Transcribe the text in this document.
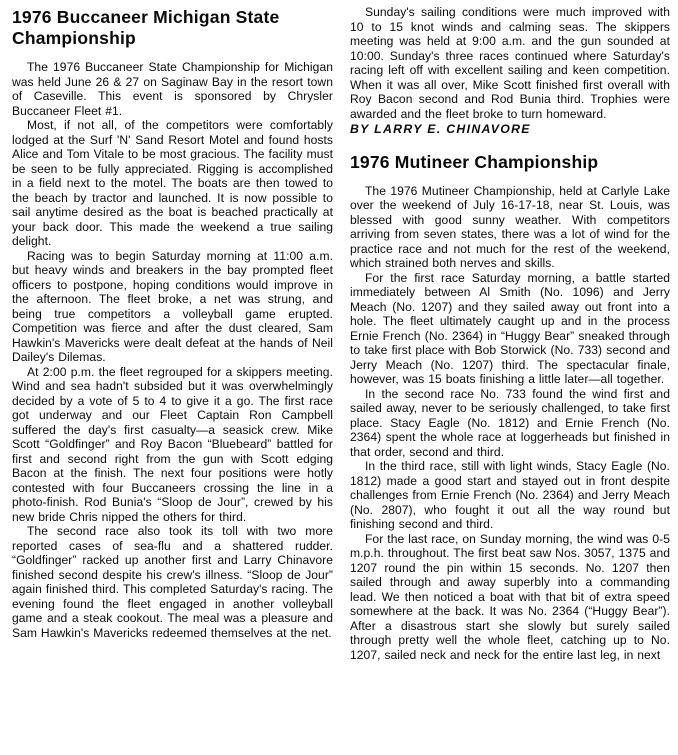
1976 Buccaneer Michigan State Championship

The 1976 Buccaneer State Championship for Michigan was held June 26 & 27 on Saginaw Bay in the resort town of Caseville. This event is sponsored by Chrysler Buccaneer Fleet #1.

Most, if not all, of the competitors were comfortably lodged at the Surf 'N' Sand Resort Motel and found hosts Alice and Tom Vitale to be most gracious. The facility must be seen to be fully appreciated. Rigging is accomplished in a field next to the motel. The boats are then towed to the beach by tractor and launched. It is now possible to sail anytime desired as the boat is beached practically at your back door. This made the weekend a true sailing delight.

Racing was to begin Saturday morning at 11:00 a.m. but heavy winds and breakers in the bay prompted fleet officers to postpone, hoping conditions would improve in the afternoon. The fleet broke, a net was strung, and being true competitors a volleyball game erupted. Competition was fierce and after the dust cleared, Sam Hawkin's Mavericks were dealt defeat at the hands of Neil Dailey's Dilemas.

At 2:00 p.m. the fleet regrouped for a skippers meeting. Wind and sea hadn't subsided but it was overwhelmingly decided by a vote of 5 to 4 to give it a go. The first race got underway and our Fleet Captain Ron Campbell suffered the day's first casualty—a seasick crew. Mike Scott “Goldfinger” and Roy Bacon “Bluebeard” battled for first and second right from the gun with Scott edging Bacon at the finish. The next four positions were hotly contested with four Buccaneers crossing the line in a photo-finish. Rod Bunia's “Sloop de Jour”, crewed by his new bride Chris nipped the others for third.

The second race also took its toll with two more reported cases of sea-flu and a shattered rudder. “Goldfinger” racked up another first and Larry Chinavore finished second despite his crew's illness. “Sloop de Jour” again finished third. This completed Saturday's racing. The evening found the fleet engaged in another volleyball game and a steak cookout. The meal was a pleasure and Sam Hawkin's Mavericks redeemed themselves at the net.

Sunday's sailing conditions were much improved with 10 to 15 knot winds and calming seas. The skippers meeting was held at 9:00 a.m. and the gun sounded at 10:00. Sunday's three races continued where Saturday's racing left off with excellent sailing and keen competition. When it was all over, Mike Scott finished first overall with Roy Bacon second and Rod Bunia third. Trophies were awarded and the fleet broke to turn homeward.

BY LARRY E. CHINAVORE

1976 Mutineer Championship

The 1976 Mutineer Championship, held at Carlyle Lake over the weekend of July 16-17-18, near St. Louis, was blessed with good sunny weather. With competitors arriving from seven states, there was a lot of wind for the practice race and not much for the rest of the weekend, which strained both nerves and skills.

For the first race Saturday morning, a battle started immediately between Al Smith (No. 1096) and Jerry Meach (No. 1207) and they sailed away out front into a hole. The fleet ultimately caught up and in the process Ernie French (No. 2364) in “Huggy Bear” sneaked through to take first place with Bob Storwick (No. 733) second and Jerry Meach (No. 1207) third. The spectacular finale, however, was 15 boats finishing a little later—all together.

In the second race No. 733 found the wind first and sailed away, never to be seriously challenged, to take first place. Stacy Eagle (No. 1812) and Ernie French (No. 2364) spent the whole race at loggerheads but finished in that order, second and third.

In the third race, still with light winds, Stacy Eagle (No. 1812) made a good start and stayed out in front despite challenges from Ernie French (No. 2364) and Jerry Meach (No. 2807), who fought it out all the way round but finishing second and third.

For the last race, on Sunday morning, the wind was 0-5 m.p.h. throughout. The first beat saw Nos. 3057, 1375 and 1207 round the pin within 15 seconds. No. 1207 then sailed through and away superbly into a commanding lead. We then noticed a boat with that bit of extra speed somewhere at the back. It was No. 2364 (“Huggy Bear”). After a disastrous start she slowly but surely sailed through pretty well the whole fleet, catching up to No. 1207, sailed neck and neck for the entire last leg, in next
